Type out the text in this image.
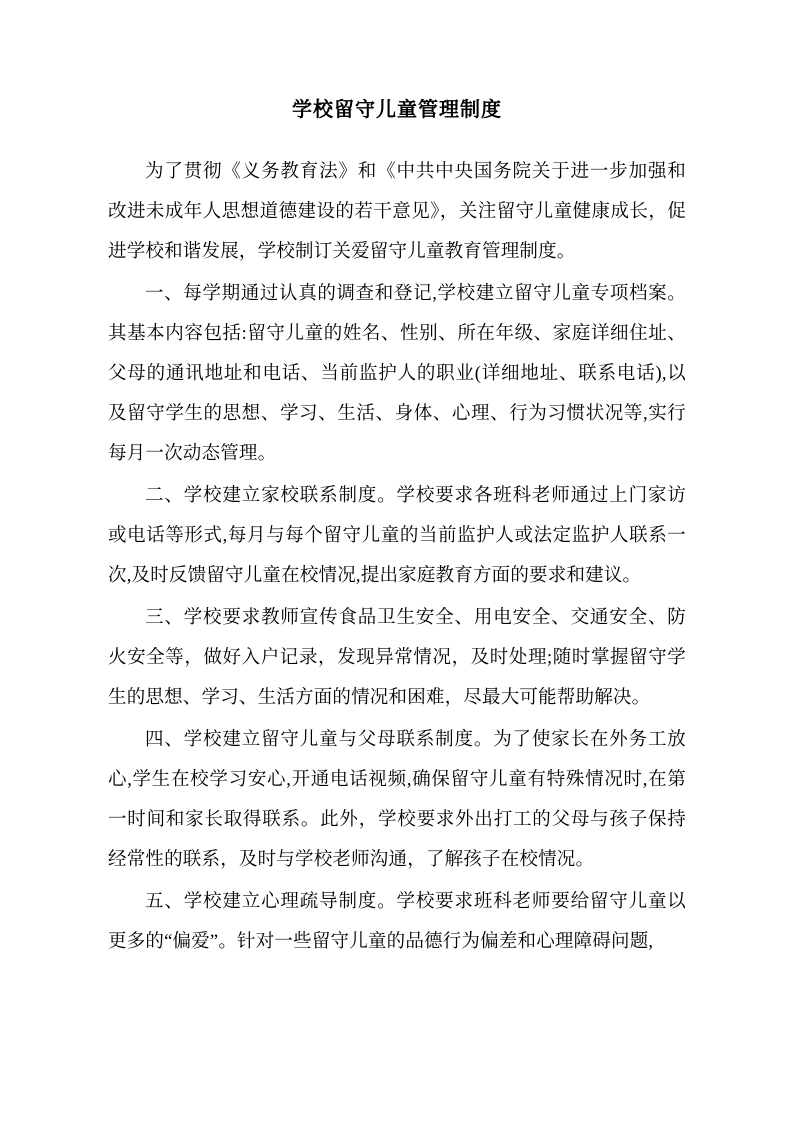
学校留守儿童管理制度

为了贯彻《义务教育法》和《中共中央国务院关于进一步加强和改进未成年人思想道德建设的若干意见》，关注留守儿童健康成长，促进学校和谐发展，学校制订关爱留守儿童教育管理制度。

一、每学期通过认真的调查和登记,学校建立留守儿童专项档案。其基本内容包括:留守儿童的姓名、性别、所在年级、家庭详细住址、父母的通讯地址和电话、当前监护人的职业(详细地址、联系电话),以及留守学生的思想、学习、生活、身体、心理、行为习惯状况等,实行每月一次动态管理。

二、学校建立家校联系制度。学校要求各班科老师通过上门家访或电话等形式,每月与每个留守儿童的当前监护人或法定监护人联系一次,及时反馈留守儿童在校情况,提出家庭教育方面的要求和建议。

三、学校要求教师宣传食品卫生安全、用电安全、交通安全、防火安全等，做好入户记录，发现异常情况，及时处理;随时掌握留守学生的思想、学习、生活方面的情况和困难，尽最大可能帮助解决。

四、学校建立留守儿童与父母联系制度。为了使家长在外务工放心,学生在校学习安心,开通电话视频,确保留守儿童有特殊情况时,在第一时间和家长取得联系。此外，学校要求外出打工的父母与孩子保持经常性的联系，及时与学校老师沟通，了解孩子在校情况。

五、学校建立心理疏导制度。学校要求班科老师要给留守儿童以更多的“偏爱”。针对一些留守儿童的品德行为偏差和心理障碍问题,
